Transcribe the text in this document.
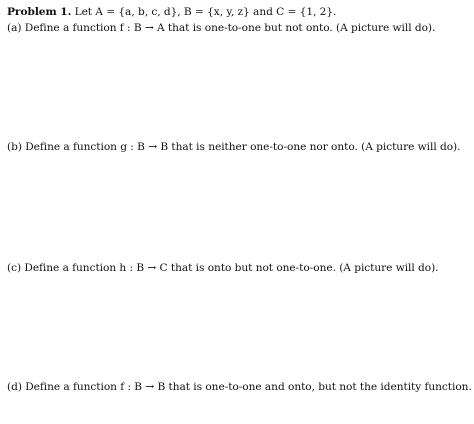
Problem 1. Let A = {a, b, c, d}, B = {x, y, z} and C = {1, 2}.
(a) Define a function f : B → A that is one-to-one but not onto. (A picture will do).
(b) Define a function g : B → B that is neither one-to-one nor onto. (A picture will do).
(c) Define a function h : B → C that is onto but not one-to-one. (A picture will do).
(d) Define a function f : B → B that is one-to-one and onto, but not the identity function.
